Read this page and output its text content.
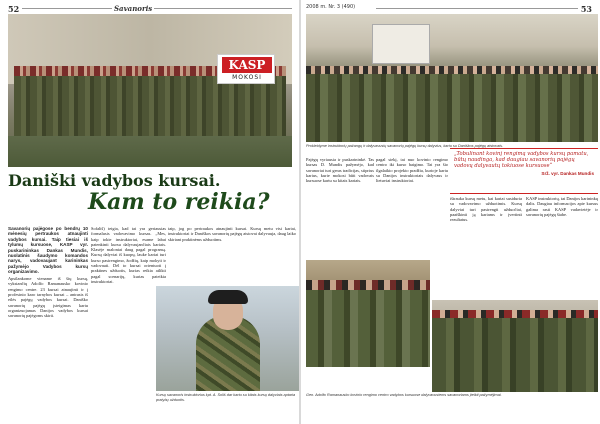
52	Savanoris	2008 m. Nr. 3 (490)	53
KASP
MOKOSI
Daniški vadybos kursai.
Kam to reikia?

Savanorių pajėgose po bendrų 10 mėnesių pertraukos atnaujinti vadybos kursai. Taip tiesiai iš tylumų kursuose, KASP vyr. puskarininkas Dankas Mundis, nuolatinis šaudymo komandos narys, vadovaujant karininkas pažymėjo Vadybos kursų organizavimo.

Apsilankome viename iš šių kursų, vykstančių Adolfo Ramanausko kovinio rengimo centre. 23 kursai atnaujinti ir į profesinio karo tarnybos kursai – antrasis iš eilės pajėgų vadybos kursai. Daniško savanorių pajėgų įsteigimas kartu organizuojamas Danijos vadybos kursai savanorių pajėgoms skirti.

Sofališ) teigia, kad tai yra geriausias formalusis vadovavimo kursas. „Mes, kaip tokie instruktoriai, esame labai patenkinti kursu dalyvaujančiais kariais. Klasėje maloniai daug pagal programą. Kursų dalyviai iš kuopų, lauke kariai turi kurso pasirengimo, žodžių, kaip mokyti ir vadovauti. Dėl to kursai orientuoti į praktines užduotis, kurias reikia atlikti pagal scenarijų, kurias pateikia instruktoriai.

taip, jog po pertraukos atnaujinti kursai. Kursų metu visi kariai, instruktoriai ir Daniškos savanorių pajėgų atstovai dalyvauja, daug laiko skiriant praktinėms užduotims.

Kursų savanoris instruktorius kpt. A. Soliš dar kartu su kitais kursų dalyviais aptaria pratybų užduotis.
Prokleidyme instruktorių pažangų ir dalyvavusių savanorių pajėgų kursų dalyvius, kartu su Daniškos pajėgų atstovais.

Pajėgų vyriausia ir puskarininkė. Tas kursas D. Mundis pažymėjo, kad savanoriai turi geras tradicijas, stiprius karius, kurie mokosi būti vadovais kursuose kartu su kitais kariais.

pagal siekį, tai nuo kovinio rengimo centro iki kurso baigimo. Tai yra šio ilgalaikio projekto pradžia, kurioje kartu su Danijos instruktoriais dalyvaus ir lietuviai instruktoriai.

„Tobulinant kovinį rengimą vadybos kursų pamatu, būtų naudinga, kad daugiau savanorių pajėgų vadovų dalyvautų tokiuose kursuose“
Srž. vyr. Dankas Mundis

ištrauka kursų metu, kai kariai susiduria su vadovavimo užduotimis. Kursų dalyviai turi pasirengti užduočiai, paaiškinti ją kariams ir įvertinti rezultatus.

KASP instruktorių, tai Danijos karininkų dalis. Daugiau informacijos apie kursus galima rasti KASP vadavietėje ir savanorių pajėgų štabe.

Gen. Adolfo Ramanausko kovinio rengimo centro vadybos kursuose dalyvavusiems savanoriams įteikti pažymėjimai.
